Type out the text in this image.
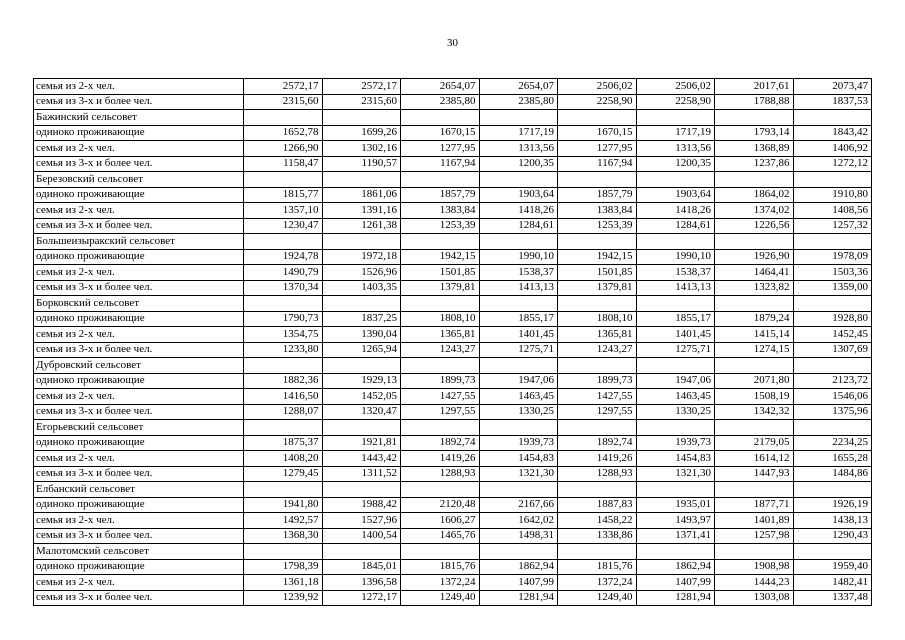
30
семья из 2-х чел.	2572,17	2572,17	2654,07	2654,07	2506,02	2506,02	2017,61	2073,47
семья из 3-х и более чел.	2315,60	2315,60	2385,80	2385,80	2258,90	2258,90	1788,88	1837,53
Бажинский сельсовет								
одиноко проживающие	1652,78	1699,26	1670,15	1717,19	1670,15	1717,19	1793,14	1843,42
семья из 2-х чел.	1266,90	1302,16	1277,95	1313,56	1277,95	1313,56	1368,89	1406,92
семья из 3-х и более чел.	1158,47	1190,57	1167,94	1200,35	1167,94	1200,35	1237,86	1272,12
Березовский сельсовет								
одиноко проживающие	1815,77	1861,06	1857,79	1903,64	1857,79	1903,64	1864,02	1910,80
семья из 2-х чел.	1357,10	1391,16	1383,84	1418,26	1383,84	1418,26	1374,02	1408,56
семья из 3-х и более чел.	1230,47	1261,38	1253,39	1284,61	1253,39	1284,61	1226,56	1257,32
Большеизыракский сельсовет								
одиноко проживающие	1924,78	1972,18	1942,15	1990,10	1942,15	1990,10	1926,90	1978,09
семья из 2-х чел.	1490,79	1526,96	1501,85	1538,37	1501,85	1538,37	1464,41	1503,36
семья из 3-х и более чел.	1370,34	1403,35	1379,81	1413,13	1379,81	1413,13	1323,82	1359,00
Борковский сельсовет								
одиноко проживающие	1790,73	1837,25	1808,10	1855,17	1808,10	1855,17	1879,24	1928,80
семья из 2-х чел.	1354,75	1390,04	1365,81	1401,45	1365,81	1401,45	1415,14	1452,45
семья из 3-х и более чел.	1233,80	1265,94	1243,27	1275,71	1243,27	1275,71	1274,15	1307,69
Дубровский сельсовет								
одиноко проживающие	1882,36	1929,13	1899,73	1947,06	1899,73	1947,06	2071,80	2123,72
семья из 2-х чел.	1416,50	1452,05	1427,55	1463,45	1427,55	1463,45	1508,19	1546,06
семья из 3-х и более чел.	1288,07	1320,47	1297,55	1330,25	1297,55	1330,25	1342,32	1375,96
Егорьевский сельсовет								
одиноко проживающие	1875,37	1921,81	1892,74	1939,73	1892,74	1939,73	2179,05	2234,25
семья из 2-х чел.	1408,20	1443,42	1419,26	1454,83	1419,26	1454,83	1614,12	1655,28
семья из 3-х и более чел.	1279,45	1311,52	1288,93	1321,30	1288,93	1321,30	1447,93	1484,86
Елбанский сельсовет								
одиноко проживающие	1941,80	1988,42	2120,48	2167,66	1887,83	1935,01	1877,71	1926,19
семья из 2-х чел.	1492,57	1527,96	1606,27	1642,02	1458,22	1493,97	1401,89	1438,13
семья из 3-х и более чел.	1368,30	1400,54	1465,76	1498,31	1338,86	1371,41	1257,98	1290,43
Малотомский сельсовет								
одиноко проживающие	1798,39	1845,01	1815,76	1862,94	1815,76	1862,94	1908,98	1959,40
семья из 2-х чел.	1361,18	1396,58	1372,24	1407,99	1372,24	1407,99	1444,23	1482,41
семья из 3-х и более чел.	1239,92	1272,17	1249,40	1281,94	1249,40	1281,94	1303,08	1337,48
